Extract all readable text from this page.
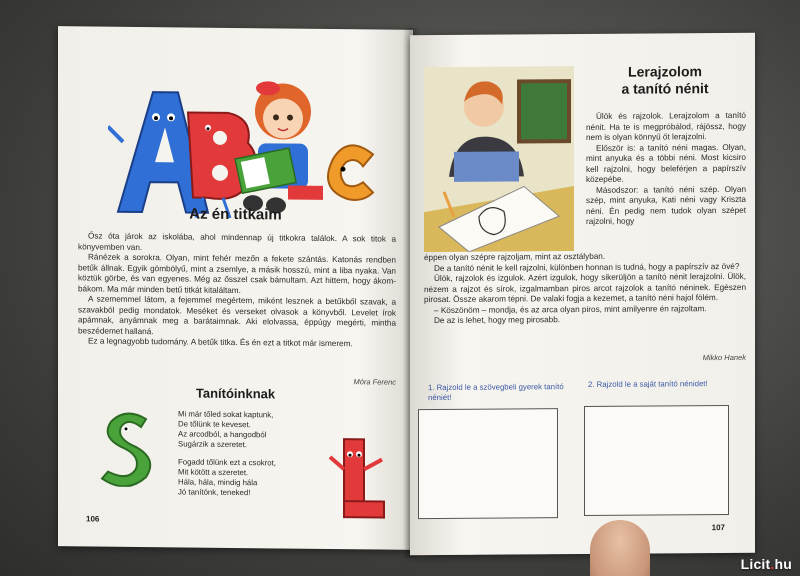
Az én titkaim

Ősz óta járok az iskolába, ahol mindennap új titkokra találok. A sok titok a könyvemben van.

Ránézek a sorokra. Olyan, mint fehér mezőn a fekete szántás. Katonás rendben betűk állnak. Egyik gömbölyű, mint a zsemlye, a másik hosszú, mint a liba nyaka. Van köztük görbe, és van egyenes. Még az ősszel csak bámultam. Azt hittem, hogy ákom-bákom. Ma már minden betű titkát kitaláltam.

A szememmel látom, a fejemmel megértem, miként lesznek a betűkből szavak, a szavakból pedig mondatok. Meséket és verseket olvasok a könyvből. Levelet írok apámnak, anyámnak meg a barátaimnak. Aki elolvassa, éppúgy megérti, mintha beszédemet hallaná.

Ez a legnagyobb tudomány. A betűk titka. És én ezt a titkot már ismerem.

Móra Ferenc
Tanítóinknak
Mi már tőled sokat kaptunk,
De tőlünk te keveset.
Az arcodból, a hangodból
Sugárzik a szeretet.
Fogadd tőlünk ezt a csokrot,
Mit kötött a szeretet.
Hála, hála, mindig hála
Jó tanítónk, teneked!
106
Lerajzolom
a tanító nénit

Ülök és rajzolok. Lerajzolom a tanító nénit. Ha te is megpróbálod, rájössz, hogy nem is olyan könnyű őt lerajzolni.

Először is: a tanító néni magas. Olyan, mint anyuka és a többi néni. Most kicsiro kell rajzolni, hogy beleférjen a papírszív közepébe.

Másodszor: a tanító néni szép. Olyan szép, mint anyuka, Kati néni vagy Kriszta néni. Én pedig nem tudok olyan szépet rajzolni, hogy

éppen olyan szépre rajzoljam, mint az osztályban.

De a tanító nénit le kell rajzolni, különben honnan is tudná, hogy a papírszív az övé?

Ülök, rajzolok és izgulok. Azért izgulok, hogy sikerüljön a tanító nénit lerajzolni. Ülök, nézem a rajzot és sírok, izgalmamban piros arcot rajzolok a tanító néninek. Egészen pirosat. Össze akarom tépni. De valaki fogja a kezemet, a tanító néni hajol fölém.

– Köszönöm – mondja, és az arca olyan piros, mint amilyenre én rajzoltam.

De az is lehet, hogy meg pirosabb.

Mikko Hanek
1. Rajzold le a szövegbeli gyerek tanító néniét!
2. Rajzold le a saját tanító nénidet!
107
Licit.hu
